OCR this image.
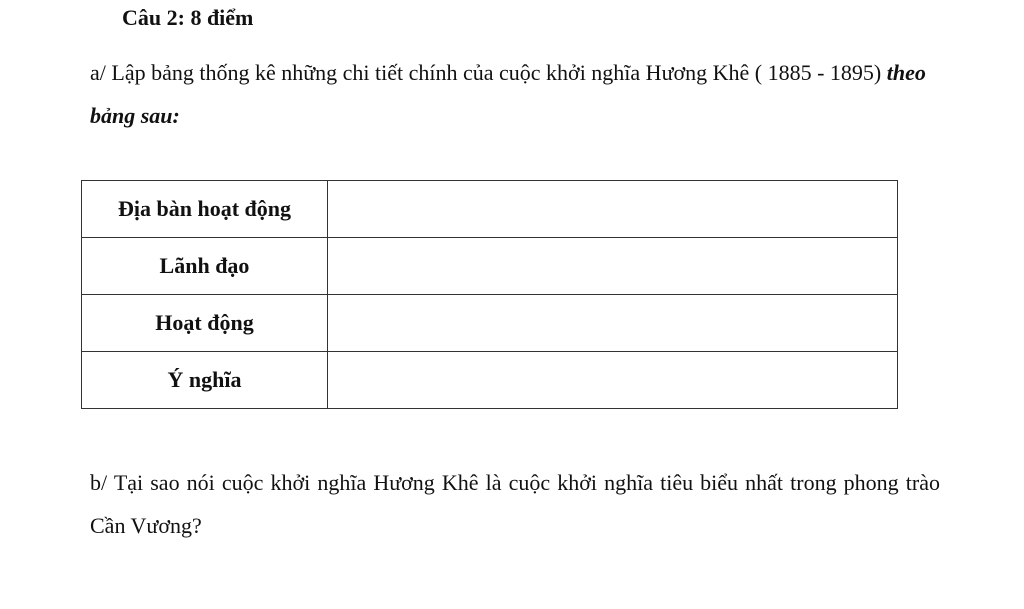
Câu 2: 8 điểm
a/ Lập bảng thống kê những chi tiết chính của cuộc khởi nghĩa Hương Khê ( 1885 - 1895) theo bảng sau:
Địa bàn hoạt động	
Lãnh đạo	
Hoạt động	
Ý nghĩa	
b/ Tại sao nói cuộc khởi nghĩa Hương Khê là cuộc khởi nghĩa tiêu biểu nhất trong phong trào Cần Vương?
